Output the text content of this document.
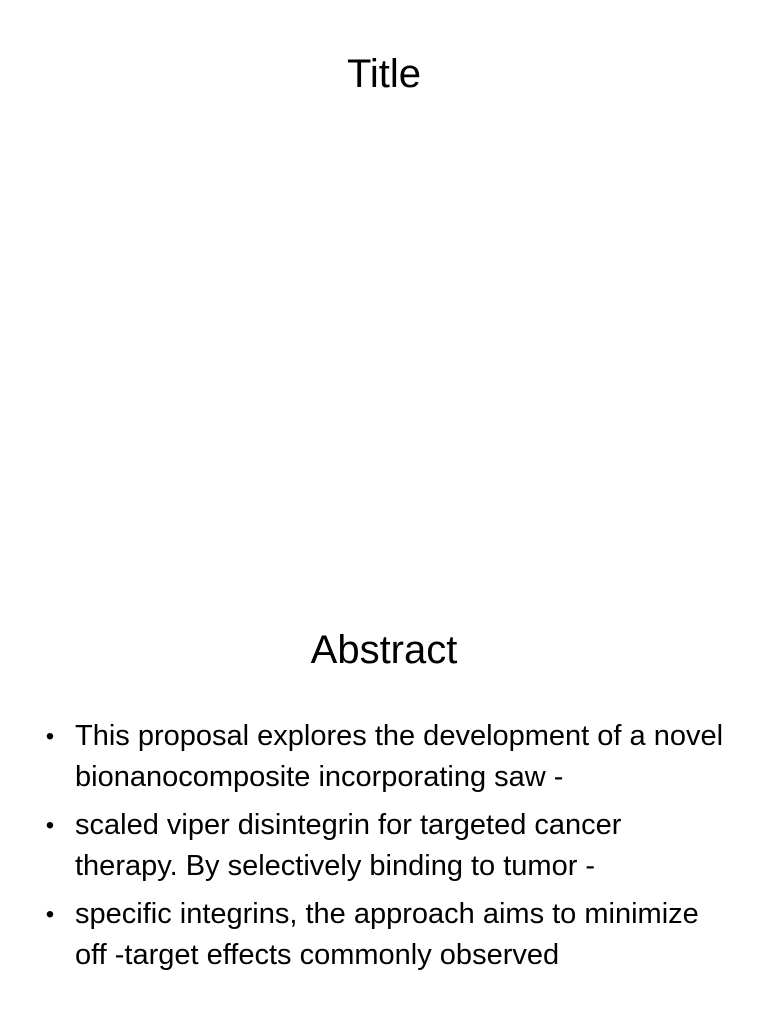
Title
Abstract
• This proposal explores the development of a novel bionanocomposite incorporating saw -
• scaled viper disintegrin for targeted cancer therapy. By selectively binding to tumor -
• specific integrins, the approach aims to minimize off -target effects commonly observed
